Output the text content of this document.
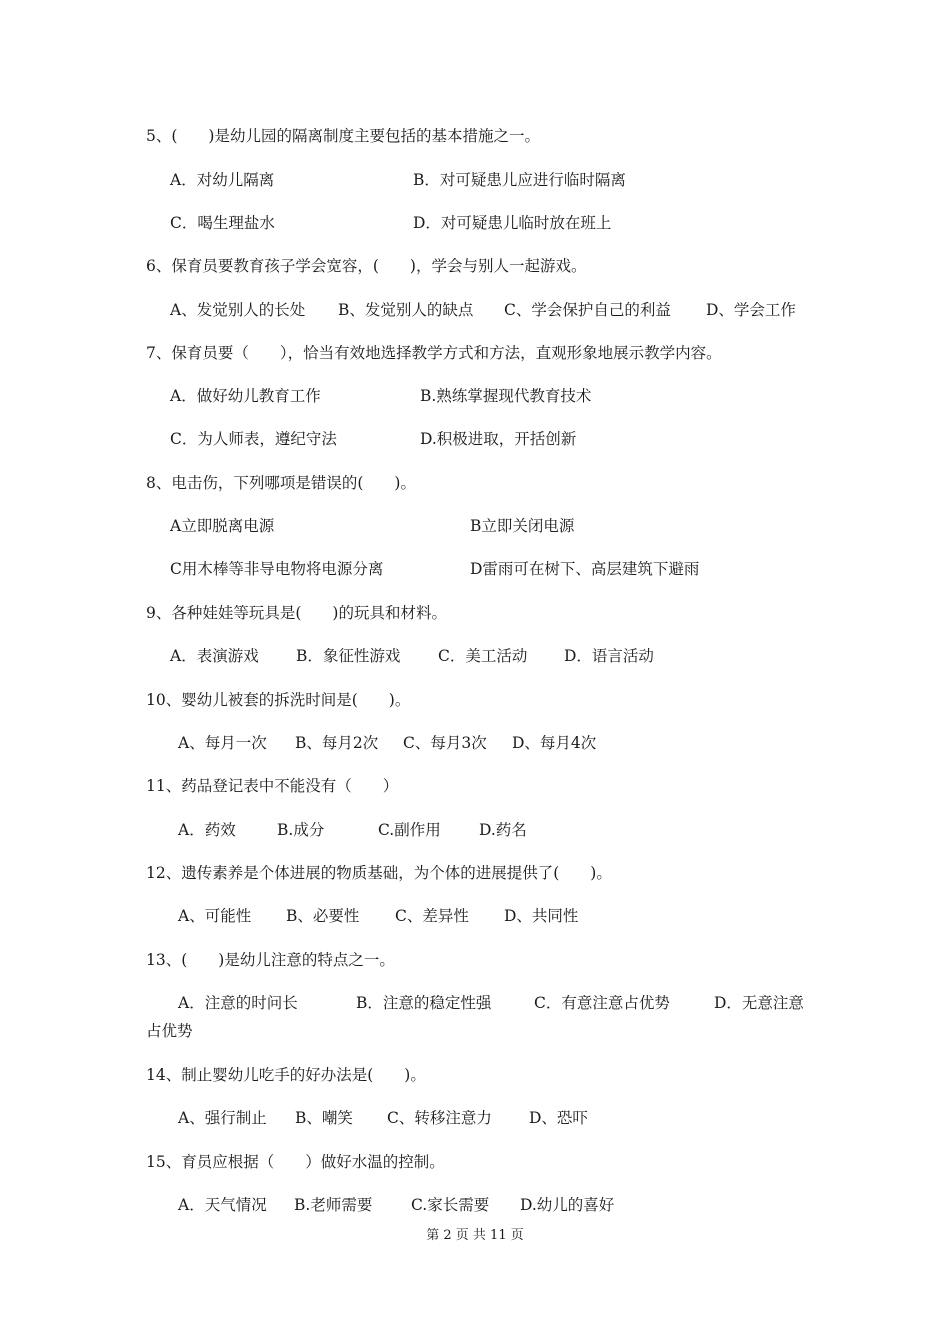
5、(　　)是幼儿园的隔离制度主要包括的基本措施之一。
A．对幼儿隔离	B．对可疑患儿应进行临时隔离
C．喝生理盐水	D．对可疑患儿临时放在班上
6、保育员要教育孩子学会宽容，(　　)，学会与别人一起游戏。
A、发觉别人的长处 B、发觉别人的缺点 C、学会保护自己的利益 D、学会工作
7、保育员要（　　），恰当有效地选择教学方式和方法，直观形象地展示教学内容。
A．做好幼儿教育工作	B.熟练掌握现代教育技术
C．为人师表，遵纪守法	D.积极进取，开括创新
8、电击伤，下列哪项是错误的(　　)。
A立即脱离电源	B立即关闭电源
C用木棒等非导电物将电源分离	D雷雨可在树下、高层建筑下避雨
9、各种娃娃等玩具是(　　)的玩具和材料。
A．表演游戏 B．象征性游戏 C．美工活动 D．语言活动
10、婴幼儿被套的拆洗时间是(　　)。
A、每月一次 B、每月2次 C、每月3次 D、每月4次
11、药品登记表中不能没有（　　）
A．药效	B.成分	C.副作用 D.药名
12、遗传素养是个体进展的物质基础，为个体的进展提供了(　　)。
A、可能性 B、必要性 C、差异性 D、共同性
13、(　　)是幼儿注意的特点之一。
A．注意的时问长	B．注意的稳定性强	C．有意注意占优势	D．无意注意
占优势
14、制止婴幼儿吃手的好办法是(　　)。
A、强行制止 B、嘲笑 C、转移注意力 D、恐吓
15、育员应根据（　　）做好水温的控制。
A．天气情况 B.老师需要 C.家长需要 D.幼儿的喜好
第 2 页 共 11 页
